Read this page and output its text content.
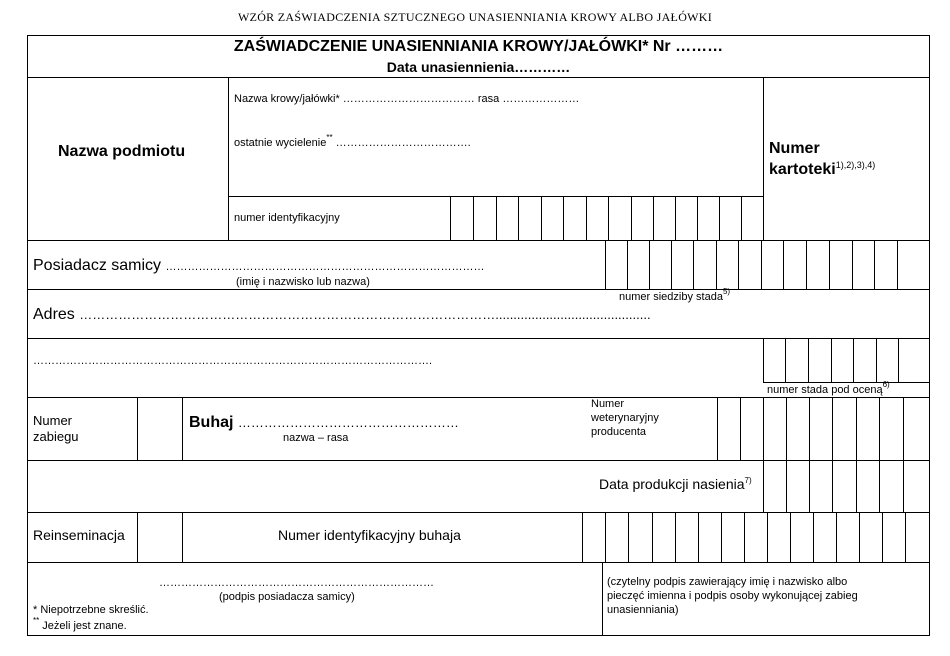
WZÓR ZAŚWIADCZENIA SZTUCZNEGO UNASIENNIANIA KROWY ALBO JAŁÓWKI
ZAŚWIADCZENIE UNASIENNIANIA KROWY/JAŁÓWKI* Nr ………
Data unasiennienia…………
Nazwa podmiotu
Nazwa krowy/jałówki* ……………………………… rasa …………………
ostatnie wycielenie** ……………………………….
numer identyfikacyjny
Numer
kartoteki$^{1),2),3),4)}$
Posiadacz samicy ……………………………………………………………………………
(imię i nazwisko lub nazwa)
numer siedziby stada$^{5)}$
Adres ……………………………………………………………………………………...........................................
……………………………………………………………………………………………….
numer stada pod oceną$^{6)}$
Numer
zabiegu
Buhaj ……………………………………………
nazwa – rasa
Numer
weterynaryjny
producenta
Data produkcji nasienia$^{7)}$
Reinseminacja	Numer identyfikacyjny buhaja
…………………………………………………………………
(podpis posiadacza samicy)
* Niepotrzebne skreślić.
** Jeżeli jest znane.
(czytelny podpis zawierający imię i nazwisko albo
pieczęć imienna i podpis osoby wykonującej zabieg
unasienniania)
